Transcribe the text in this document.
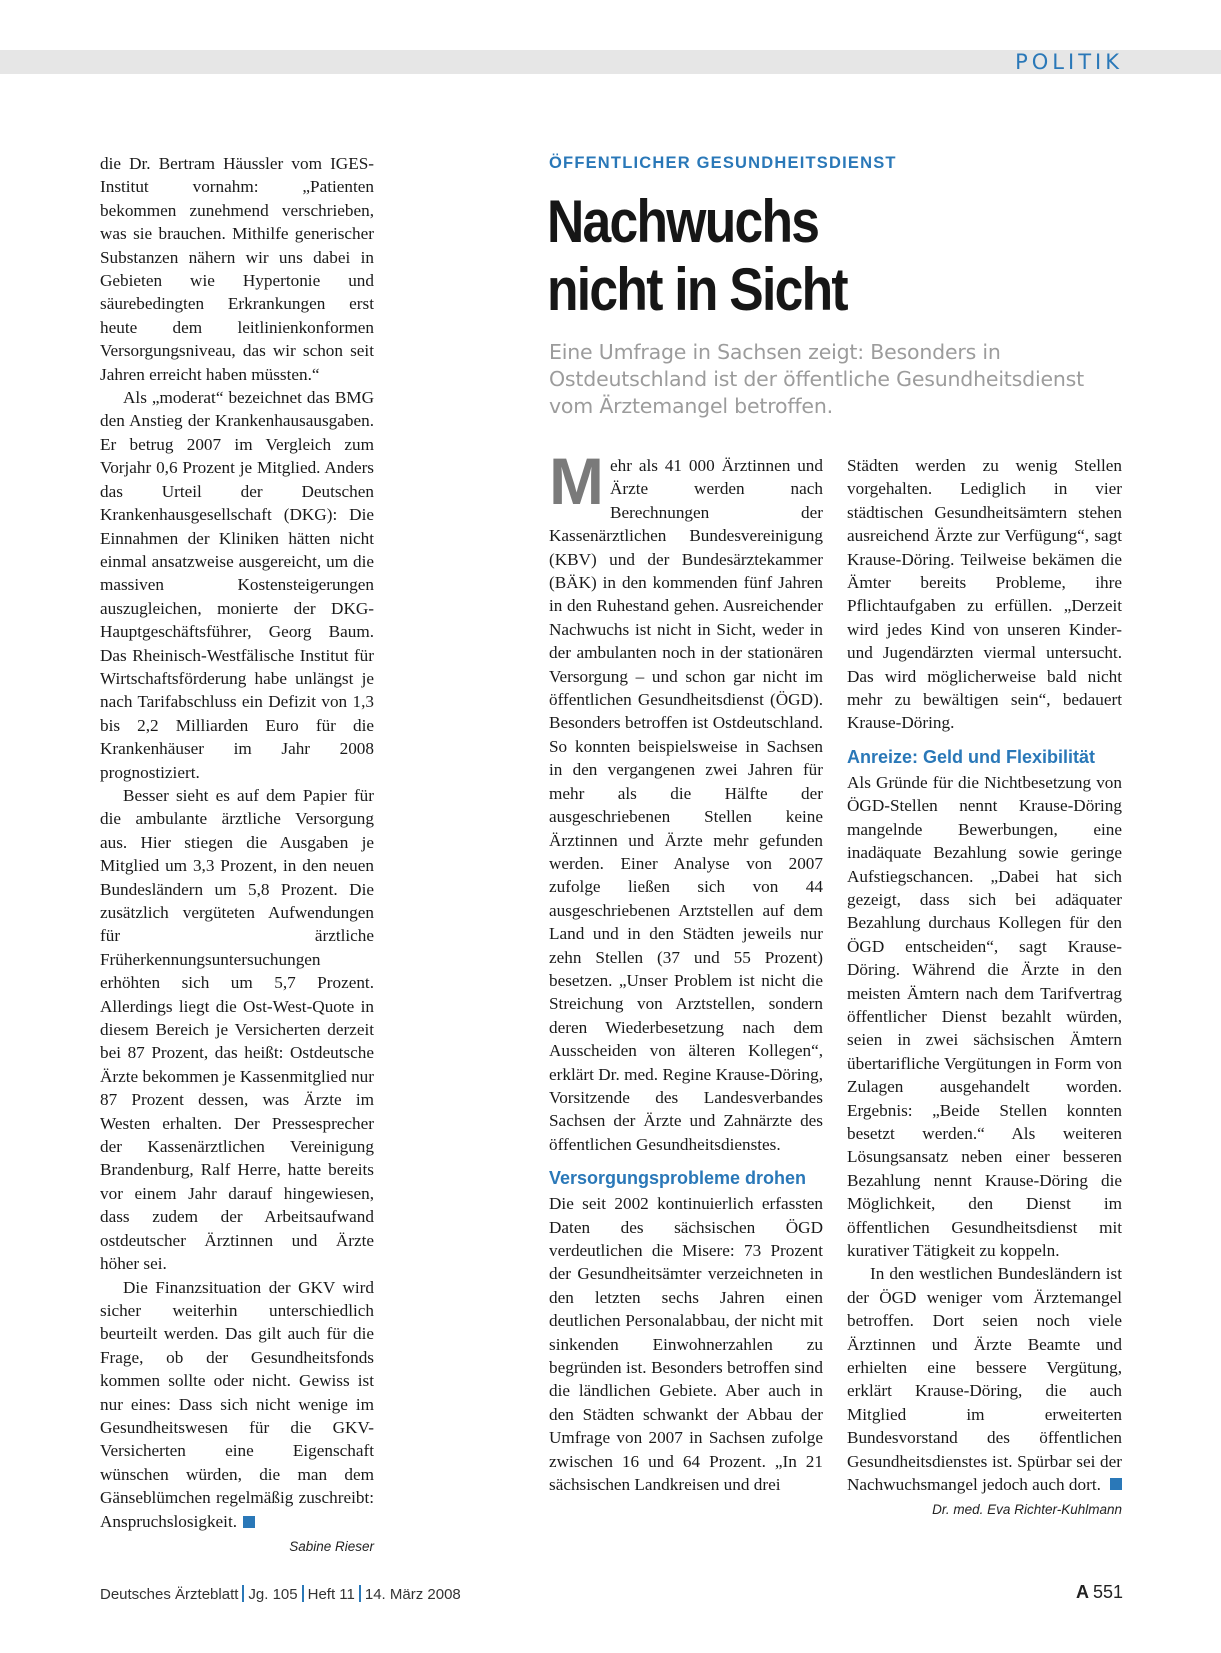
POLITIK

die Dr. Bertram Häussler vom IGES-Institut vornahm: „Patienten bekommen zunehmend verschrieben, was sie brauchen. Mithilfe generischer Substanzen nähern wir uns dabei in Gebieten wie Hypertonie und säurebedingten Erkrankungen erst heute dem leitlinienkonformen Versorgungsniveau, das wir schon seit Jahren erreicht haben müssten.“

Als „moderat“ bezeichnet das BMG den Anstieg der Krankenhausausgaben. Er betrug 2007 im Vergleich zum Vorjahr 0,6 Prozent je Mitglied. Anders das Urteil der Deutschen Krankenhausgesellschaft (DKG): Die Einnahmen der Kliniken hätten nicht einmal ansatzweise ausgereicht, um die massiven Kostensteigerungen auszugleichen, monierte der DKG-Hauptgeschäftsführer, Georg Baum. Das Rheinisch-Westfälische Institut für Wirtschaftsförderung habe unlängst je nach Tarifabschluss ein Defizit von 1,3 bis 2,2 Milliarden Euro für die Krankenhäuser im Jahr 2008 prognostiziert.

Besser sieht es auf dem Papier für die ambulante ärztliche Versorgung aus. Hier stiegen die Ausgaben je Mitglied um 3,3 Prozent, in den neuen Bundesländern um 5,8 Prozent. Die zusätzlich vergüteten Aufwendungen für ärztliche Früherkennungsuntersuchungen erhöhten sich um 5,7 Prozent. Allerdings liegt die Ost-West-Quote in diesem Bereich je Versicherten derzeit bei 87 Prozent, das heißt: Ostdeutsche Ärzte bekommen je Kassenmitglied nur 87 Prozent dessen, was Ärzte im Westen erhalten. Der Pressesprecher der Kassenärztlichen Vereinigung Brandenburg, Ralf Herre, hatte bereits vor einem Jahr darauf hingewiesen, dass zudem der Arbeitsaufwand ostdeutscher Ärztinnen und Ärzte höher sei.

Die Finanzsituation der GKV wird sicher weiterhin unterschiedlich beurteilt werden. Das gilt auch für die Frage, ob der Gesundheitsfonds kommen sollte oder nicht. Gewiss ist nur eines: Dass sich nicht wenige im Gesundheitswesen für die GKV-Versicherten eine Eigenschaft wünschen würden, die man dem Gänseblümchen regelmäßig zuschreibt: Anspruchslosigkeit.

Sabine Rieser
ÖFFENTLICHER GESUNDHEITSDIENST
Nachwuchs
nicht in Sicht
Eine Umfrage in Sachsen zeigt: Besonders in Ostdeutschland ist der öffentliche Gesundheitsdienst vom Ärztemangel betroffen.

Mehr als 41 000 Ärztinnen und Ärzte werden nach Berechnungen der Kassenärztlichen Bundesvereinigung (KBV) und der Bundesärztekammer (BÄK) in den kommenden fünf Jahren in den Ruhestand gehen. Ausreichender Nachwuchs ist nicht in Sicht, weder in der ambulanten noch in der stationären Versorgung – und schon gar nicht im öffentlichen Gesundheitsdienst (ÖGD). Besonders betroffen ist Ostdeutschland. So konnten beispielsweise in Sachsen in den vergangenen zwei Jahren für mehr als die Hälfte der ausgeschriebenen Stellen keine Ärztinnen und Ärzte mehr gefunden werden. Einer Analyse von 2007 zufolge ließen sich von 44 ausgeschriebenen Arztstellen auf dem Land und in den Städten jeweils nur zehn Stellen (37 und 55 Prozent) besetzen. „Unser Problem ist nicht die Streichung von Arztstellen, sondern deren Wiederbesetzung nach dem Ausscheiden von älteren Kollegen“, erklärt Dr. med. Regine Krause-Döring, Vorsitzende des Landesverbandes Sachsen der Ärzte und Zahnärzte des öffentlichen Gesundheitsdienstes.

Versorgungsprobleme drohen
Die seit 2002 kontinuierlich erfassten Daten des sächsischen ÖGD verdeutlichen die Misere: 73 Prozent der Gesundheitsämter verzeichneten in den letzten sechs Jahren einen deutlichen Personalabbau, der nicht mit sinkenden Einwohnerzahlen zu begründen ist. Besonders betroffen sind die ländlichen Gebiete. Aber auch in den Städten schwankt der Abbau der Umfrage von 2007 in Sachsen zufolge zwischen 16 und 64 Prozent. „In 21 sächsischen Landkreisen und drei

Städten werden zu wenig Stellen vorgehalten. Lediglich in vier städtischen Gesundheitsämtern stehen ausreichend Ärzte zur Verfügung“, sagt Krause-Döring. Teilweise bekämen die Ämter bereits Probleme, ihre Pflichtaufgaben zu erfüllen. „Derzeit wird jedes Kind von unseren Kinder- und Jugendärzten viermal untersucht. Das wird möglicherweise bald nicht mehr zu bewältigen sein“, bedauert Krause-Döring.

Anreize: Geld und Flexibilität

Als Gründe für die Nichtbesetzung von ÖGD-Stellen nennt Krause-Döring mangelnde Bewerbungen, eine inadäquate Bezahlung sowie geringe Aufstiegschancen. „Dabei hat sich gezeigt, dass sich bei adäquater Bezahlung durchaus Kollegen für den ÖGD entscheiden“, sagt Krause-Döring. Während die Ärzte in den meisten Ämtern nach dem Tarifvertrag öffentlicher Dienst bezahlt würden, seien in zwei sächsischen Ämtern übertarifliche Vergütungen in Form von Zulagen ausgehandelt worden. Ergebnis: „Beide Stellen konnten besetzt werden.“ Als weiteren Lösungsansatz neben einer besseren Bezahlung nennt Krause-Döring die Möglichkeit, den Dienst im öffentlichen Gesundheitsdienst mit kurativer Tätigkeit zu koppeln.

In den westlichen Bundesländern ist der ÖGD weniger vom Ärztemangel betroffen. Dort seien noch viele Ärztinnen und Ärzte Beamte und erhielten eine bessere Vergütung, erklärt Krause-Döring, die auch Mitglied im erweiterten Bundesvorstand des öffentlichen Gesundheitsdienstes ist. Spürbar sei der Nachwuchsmangel jedoch auch dort.

Dr. med. Eva Richter-Kuhlmann
Deutsches Ärzteblatt Jg. 105 Heft 11 14. März 2008	A 551
